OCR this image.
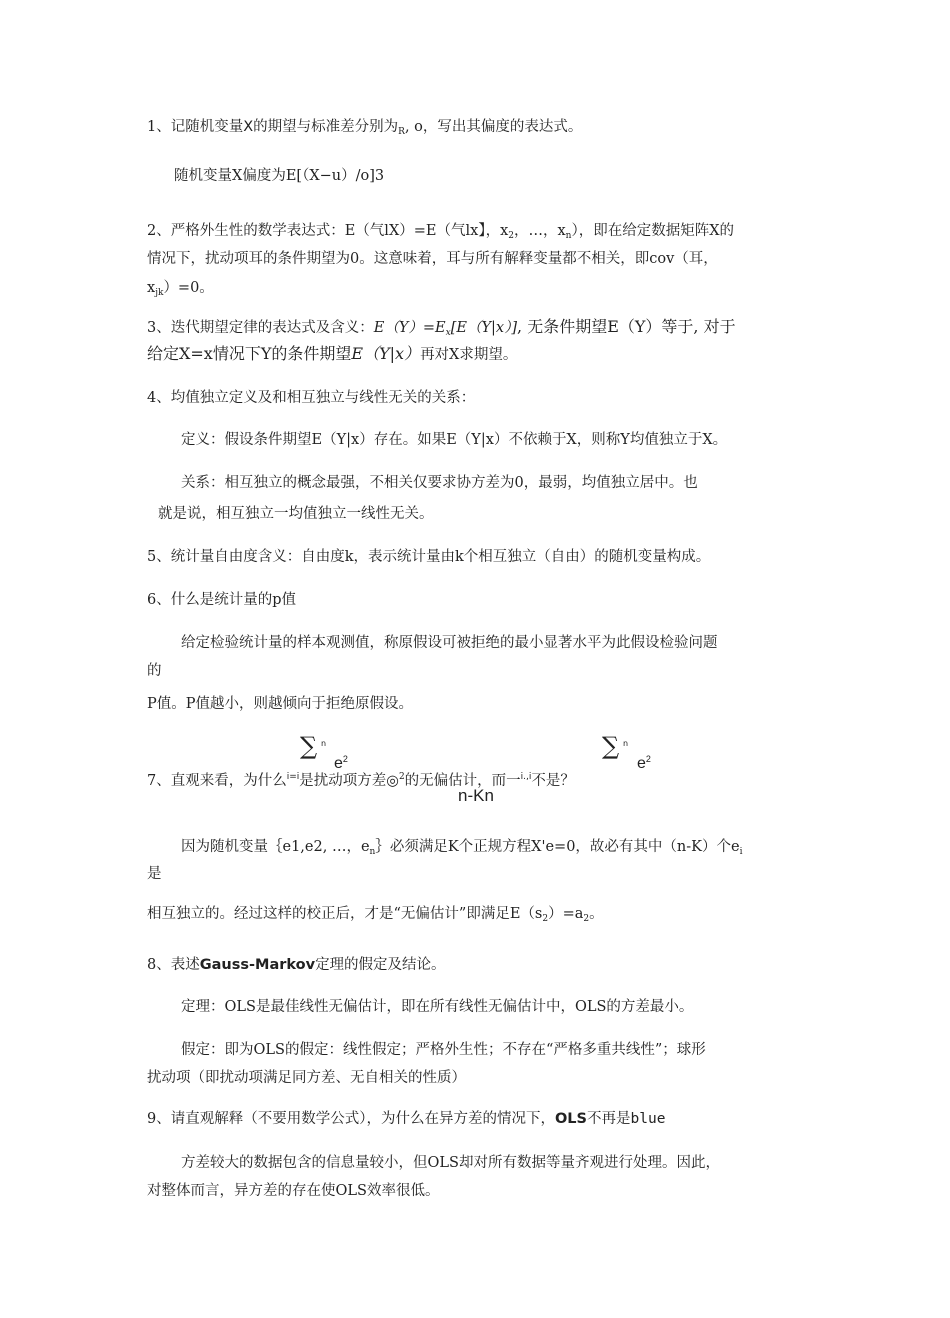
1、记随机变量X的期望与标准差分别为$_R$, o，写出其偏度的表达式。
随机变量X偏度为E[（X−u）/o]3
2、严格外生性的数学表达式：E（气lX）=E（气lx】，$x_2$，…，$x_n$），即在给定数据矩阵X的
情况下，扰动项耳的条件期望为0。这意味着，耳与所有解释变量都不相关，即cov（耳，
$x_{jk})=0$。
3、迭代期望定律的表达式及含义：$E(Y)=E_x[E(Y|x)]$, 无条件期望E（Y）等于, 对于
给定X=x情况下Y的条件期望E（Y|x）再对X求期望。
4、均值独立定义及和相互独立与线性无关的关系：
定义：假设条件期望E（Y|x）存在。如果E（Y|x）不依赖于X，则称Y均值独立于X。
关系：相互独立的概念最强，不相关仅要求协方差为0，最弱，均值独立居中。也
就是说，相互独立一均值独立一线性无关。
5、统计量自由度含义：自由度k，表示统计量由k个相互独立（自由）的随机变量构成。
6、什么是统计量的p值
给定检验统计量的样本观测值，称原假设可被拒绝的最小显著水平为此假设检验问题
的
P值。P值越小，则越倾向于拒绝原假设。
∑ n
$e^2$	∑ n
$e^2$
7、直观来看，为什么$^{i=i}$是扰动项方差◎$^2$的无偏估计，而一$^{i.,i}$不是？
n-Kn
因为随机变量｛e1,e2, …，$e_n\}$必须满足K个正规方程X'e=0，故必有其中（n-K）个$e_i$
是
相互独立的。经过这样的校正后，才是“无偏估计”即满足$E(s_2)=a_2$。
8、表述Gauss-Markov定理的假定及结论。
定理：OLS是最佳线性无偏估计，即在所有线性无偏估计中，OLS的方差最小。
假定：即为OLS的假定：线性假定；严格外生性；不存在“严格多重共线性”；球形
扰动项（即扰动项满足同方差、无自相关的性质）
9、请直观解释（不要用数学公式），为什么在异方差的情况下，OLS不再是blue
方差较大的数据包含的信息量较小，但OLS却对所有数据等量齐观进行处理。因此，
对整体而言，异方差的存在使OLS效率很低。
